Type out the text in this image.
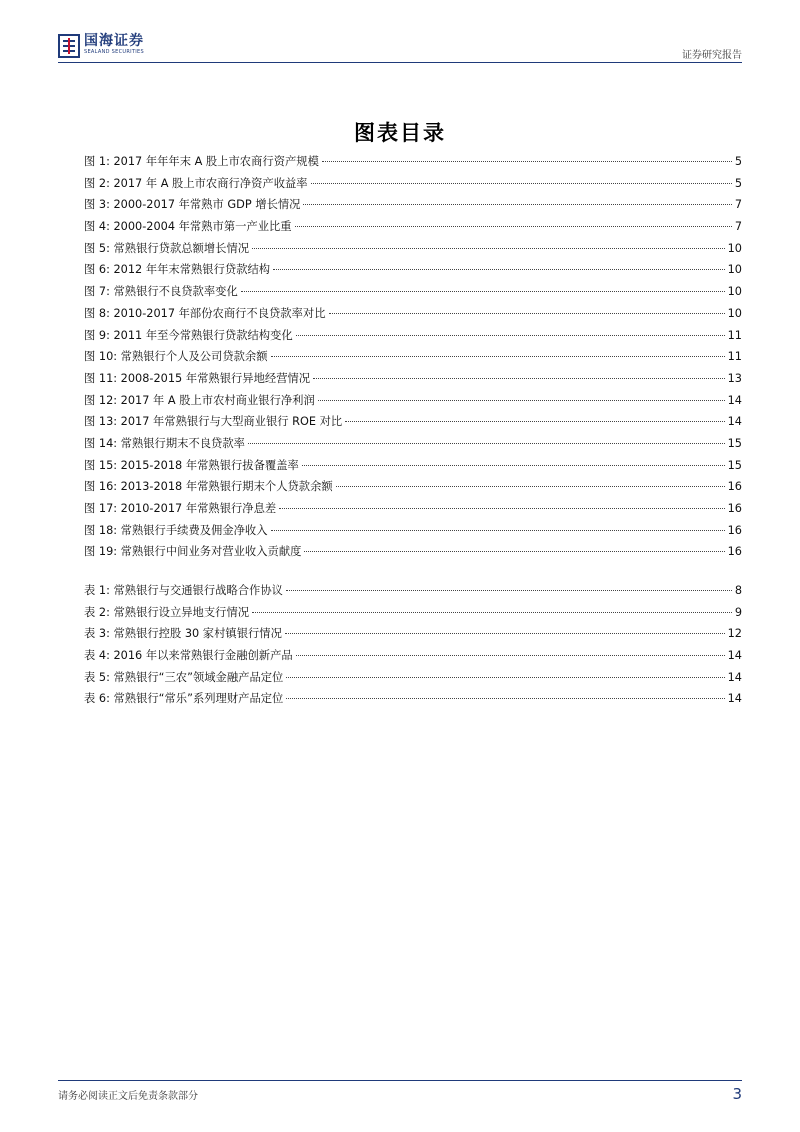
国海证券
SEALAND SECURITIES	证券研究报告
图表目录
图 1: 2017 年年年末 A 股上市农商行资产规模	5
图 2: 2017 年 A 股上市农商行净资产收益率	5
图 3: 2000-2017 年常熟市 GDP 增长情况	7
图 4: 2000-2004 年常熟市第一产业比重	7
图 5: 常熟银行贷款总额增长情况	10
图 6: 2012 年年末常熟银行贷款结构	10
图 7: 常熟银行不良贷款率变化	10
图 8: 2010-2017 年部份农商行不良贷款率对比	10
图 9: 2011 年至今常熟银行贷款结构变化	11
图 10: 常熟银行个人及公司贷款余额	11
图 11: 2008-2015 年常熟银行异地经营情况	13
图 12: 2017 年 A 股上市农村商业银行净利润	14
图 13: 2017 年常熟银行与大型商业银行 ROE 对比	14
图 14: 常熟银行期末不良贷款率	15
图 15: 2015-2018 年常熟银行拔备覆盖率	15
图 16: 2013-2018 年常熟银行期末个人贷款余额	16
图 17: 2010-2017 年常熟银行净息差	16
图 18: 常熟银行手续费及佣金净收入	16
图 19: 常熟银行中间业务对营业收入贡献度	16
表 1: 常熟银行与交通银行战略合作协议	8
表 2: 常熟银行设立异地支行情况	9
表 3: 常熟银行控股 30 家村镇银行情况	12
表 4: 2016 年以来常熟银行金融创新产品	14
表 5: 常熟银行“三农”领域金融产品定位	14
表 6: 常熟银行“常乐”系列理财产品定位	14
请务必阅读正文后免责条款部分	3
